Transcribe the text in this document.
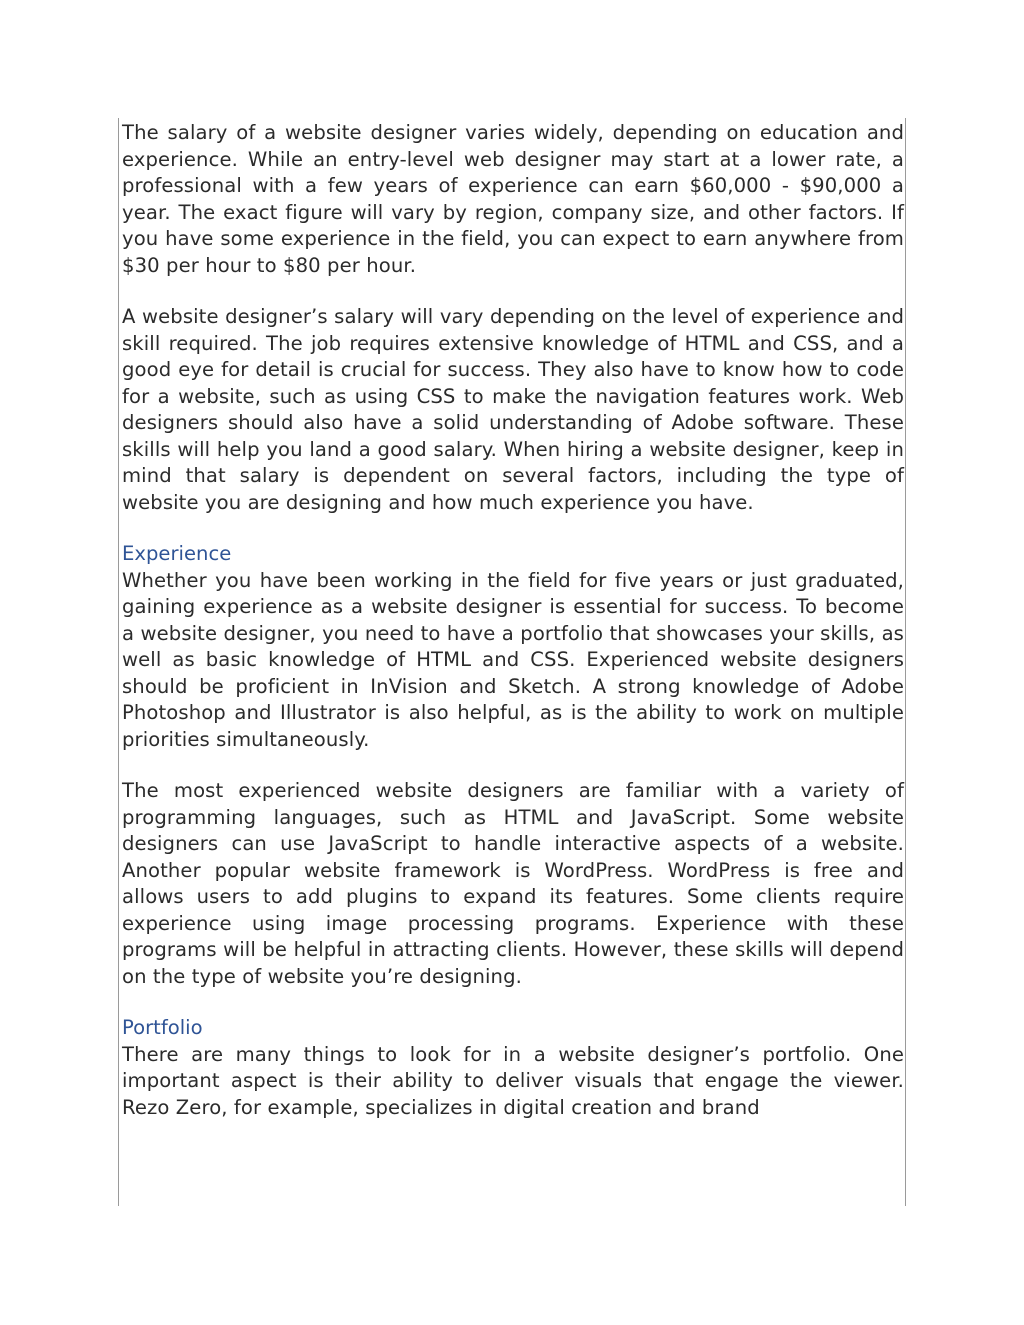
The salary of a website designer varies widely, depending on education and experience. While an entry-level web designer may start at a lower rate, a professional with a few years of experience can earn $60,000 - $90,000 a year. The exact figure will vary by region, company size, and other factors. If you have some experience in the field, you can expect to earn anywhere from $30 per hour to $80 per hour.

A website designer’s salary will vary depending on the level of experience and skill required. The job requires extensive knowledge of HTML and CSS, and a good eye for detail is crucial for success. They also have to know how to code for a website, such as using CSS to make the navigation features work. Web designers should also have a solid understanding of Adobe software. These skills will help you land a good salary. When hiring a website designer, keep in mind that salary is dependent on several factors, including the type of website you are designing and how much experience you have.

Experience

Whether you have been working in the field for five years or just graduated, gaining experience as a website designer is essential for success. To become a website designer, you need to have a portfolio that showcases your skills, as well as basic knowledge of HTML and CSS. Experienced website designers should be proficient in InVision and Sketch. A strong knowledge of Adobe Photoshop and Illustrator is also helpful, as is the ability to work on multiple priorities simultaneously.

The most experienced website designers are familiar with a variety of programming languages, such as HTML and JavaScript. Some website designers can use JavaScript to handle interactive aspects of a website. Another popular website framework is WordPress. WordPress is free and allows users to add plugins to expand its features. Some clients require experience using image processing programs. Experience with these programs will be helpful in attracting clients. However, these skills will depend on the type of website you’re designing.

Portfolio

There are many things to look for in a website designer’s portfolio. One important aspect is their ability to deliver visuals that engage the viewer. Rezo Zero, for example, specializes in digital creation and brand
